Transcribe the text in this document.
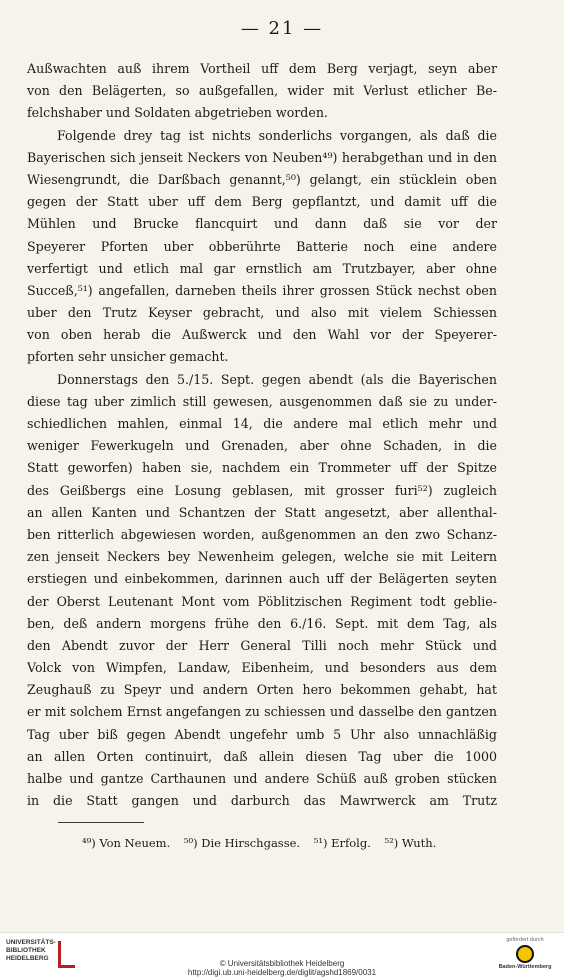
— 21 —
Außwachten auß ihrem Vortheil uff dem Berg verjagt, seyn aber
von den Belägerten, so außgefallen, wider mit Verlust etlicher Be-
felchshaber und Soldaten abgetrieben worden.
Folgende drey tag ist nichts sonderlichs vorgangen, als daß die
Bayerischen sich jenseit Neckers von Neuben⁴⁹) herabgethan und in den
Wiesengrundt, die Darßbach genannt,⁵⁰) gelangt, ein stücklein oben
gegen der Statt uber uff dem Berg gepflantzt, und damit uff die
Mühlen und Brucke flancquirt und dann daß sie vor der
Speyerer Pforten uber obberührte Batterie noch eine andere
verfertigt und etlich mal gar ernstlich am Trutzbayer, aber ohne
Succeß,⁵¹) angefallen, darneben theils ihrer grossen Stück nechst oben
uber den Trutz Keyser gebracht, und also mit vielem Schiessen
von oben herab die Außwerck und den Wahl vor der Speyerer-
pforten sehr unsicher gemacht.
Donnerstags den 5./15. Sept. gegen abendt (als die Bayerischen
diese tag uber zimlich still gewesen, ausgenommen daß sie zu under-
schiedlichen mahlen, einmal 14, die andere mal etlich mehr und
weniger Fewerkugeln und Grenaden, aber ohne Schaden, in die
Statt geworfen) haben sie, nachdem ein Trommeter uff der Spitze
des Geißbergs eine Losung geblasen, mit grosser furi⁵²) zugleich
an allen Kanten und Schantzen der Statt angesetzt, aber allenthal-
ben ritterlich abgewiesen worden, außgenommen an den zwo Schanz-
zen jenseit Neckers bey Newenheim gelegen, welche sie mit Leitern
erstiegen und einbekommen, darinnen auch uff der Belägerten seyten
der Oberst Leutenant Mont vom Pöblitzischen Regiment todt geblie-
ben, deß andern morgens frühe den 6./16. Sept. mit dem Tag, als
den Abendt zuvor der Herr General Tilli noch mehr Stück und
Volck von Wimpfen, Landaw, Eibenheim, und besonders aus dem
Zeughauß zu Speyr und andern Orten hero bekommen gehabt, hat
er mit solchem Ernst angefangen zu schiessen und dasselbe den gantzen
Tag uber biß gegen Abendt ungefehr umb 5 Uhr also unnachläßig
an allen Orten continuirt, daß allein diesen Tag uber die 1000
halbe und gantze Carthaunen und andere Schüß auß groben stücken
in die Statt gangen und darburch das Mawrwerck am Trutz
⁴⁹) Von Neuem. ⁵⁰) Die Hirschgasse. ⁵¹) Erfolg. ⁵²) Wuth.
UNIVERSITÄTS-
BIBLIOTHEK
HEIDELBERG
© Universitätsbibliothek Heidelberg
http://digi.ub.uni-heidelberg.de/diglit/agshd1869/0031
gefördert durch
Baden-Württemberg
